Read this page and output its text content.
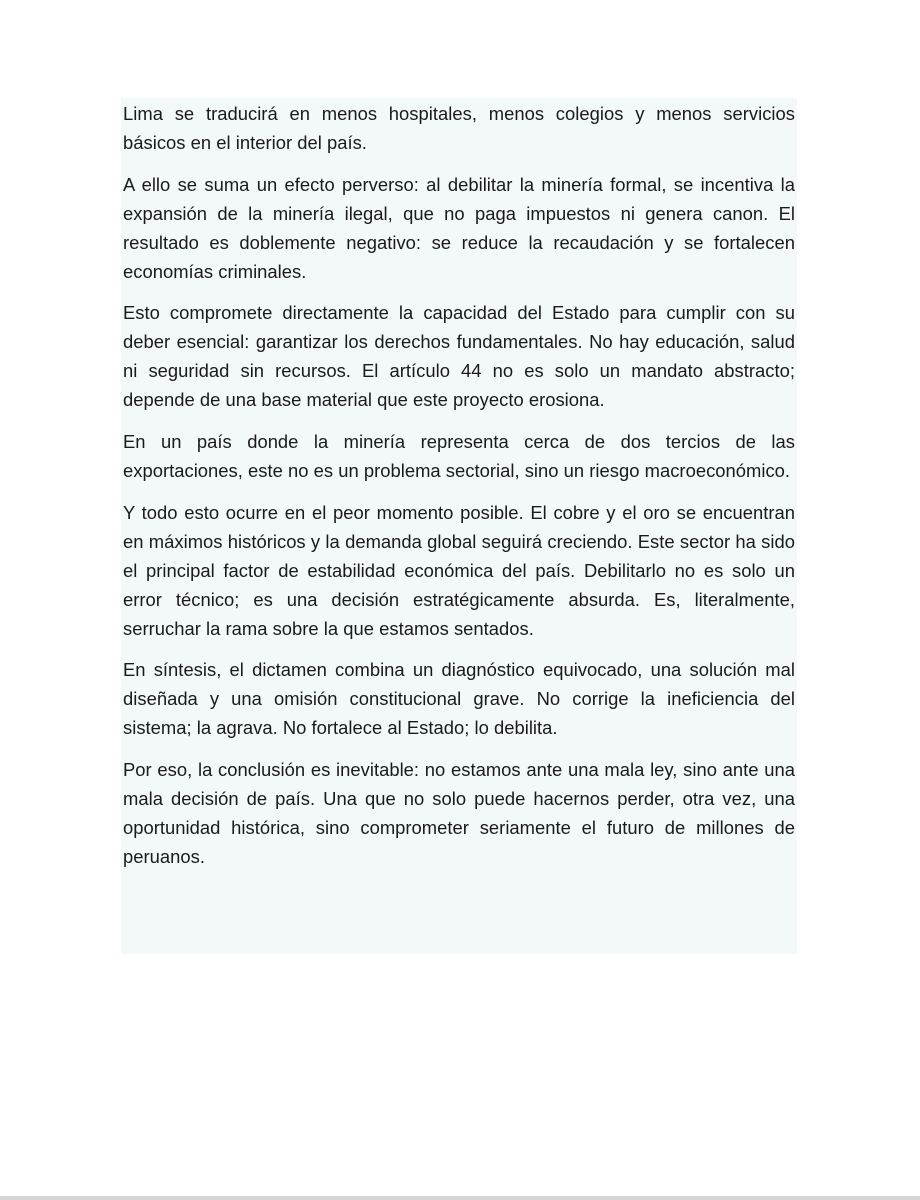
Lima se traducirá en menos hospitales, menos colegios y menos servicios básicos en el interior del país.

A ello se suma un efecto perverso: al debilitar la minería formal, se incentiva la expansión de la minería ilegal, que no paga impuestos ni genera canon. El resultado es doblemente negativo: se reduce la recaudación y se fortalecen economías criminales.

Esto compromete directamente la capacidad del Estado para cumplir con su deber esencial: garantizar los derechos fundamentales. No hay educación, salud ni seguridad sin recursos. El artículo 44 no es solo un mandato abstracto; depende de una base material que este proyecto erosiona.

En un país donde la minería representa cerca de dos tercios de las exportaciones, este no es un problema sectorial, sino un riesgo macroeconómico.

Y todo esto ocurre en el peor momento posible. El cobre y el oro se encuentran en máximos históricos y la demanda global seguirá creciendo. Este sector ha sido el principal factor de estabilidad económica del país. Debilitarlo no es solo un error técnico; es una decisión estratégicamente absurda. Es, literalmente, serruchar la rama sobre la que estamos sentados.

En síntesis, el dictamen combina un diagnóstico equivocado, una solución mal diseñada y una omisión constitucional grave. No corrige la ineficiencia del sistema; la agrava. No fortalece al Estado; lo debilita.

Por eso, la conclusión es inevitable: no estamos ante una mala ley, sino ante una mala decisión de país. Una que no solo puede hacernos perder, otra vez, una oportunidad histórica, sino comprometer seriamente el futuro de millones de peruanos.
